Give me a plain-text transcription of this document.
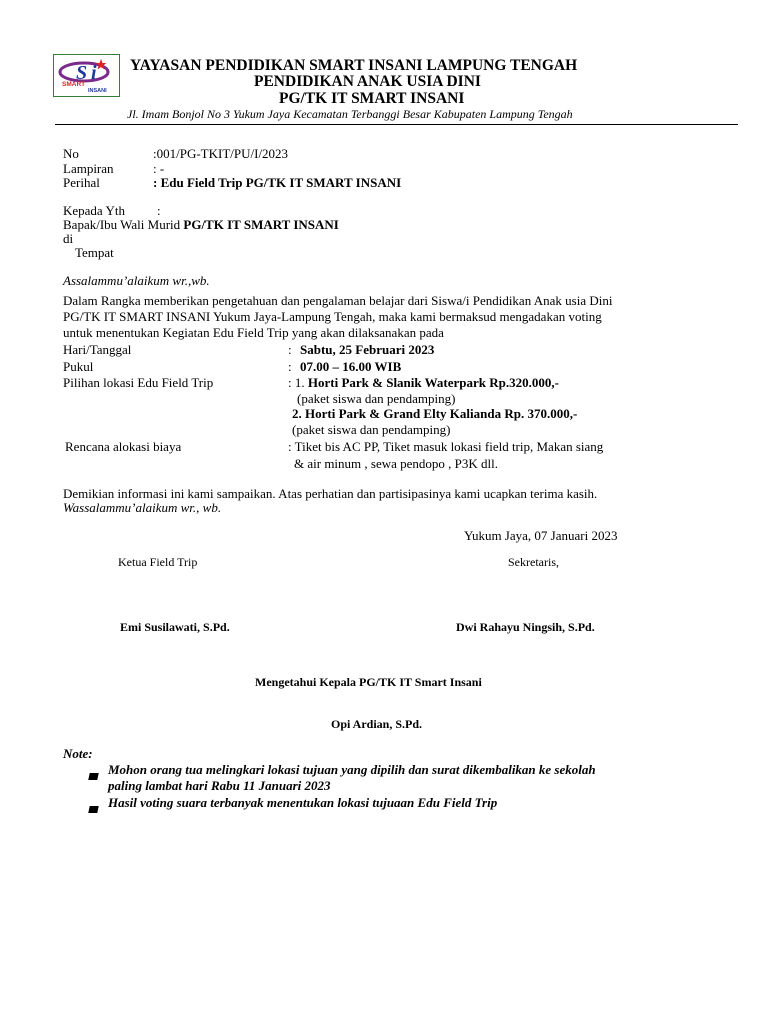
S i
SMART
INSANI
YAYASAN PENDIDIKAN SMART INSANI LAMPUNG TENGAH
PENDIDIKAN ANAK USIA DINI
PG/TK IT SMART INSANI
Jl. Imam Bonjol No 3 Yukum Jaya Kecamatan Terbanggi Besar Kabupaten Lampung Tengah
No	:001/PG-TKIT/PU/I/2023
Lampiran	: -
Perihal	: Edu Field Trip PG/TK IT SMART INSANI
Kepada Yth :
Bapak/Ibu Wali Murid PG/TK IT SMART INSANI
di
Tempat
Assalammu’alaikum wr.,wb.
Dalam Rangka memberikan pengetahuan dan pengalaman belajar dari Siswa/i Pendidikan Anak usia Dini
PG/TK IT SMART INSANI Yukum Jaya-Lampung Tengah, maka kami bermaksud mengadakan voting
untuk menentukan Kegiatan Edu Field Trip yang akan dilaksanakan pada
Hari/Tanggal	: Sabtu, 25 Februari 2023
Pukul	: 07.00 – 16.00 WIB
Pilihan lokasi Edu Field Trip	: 1. Horti Park & Slanik Waterpark Rp.320.000,-
(paket siswa dan pendamping)
2. Horti Park & Grand Elty Kalianda Rp. 370.000,-
(paket siswa dan pendamping)
Rencana alokasi biaya	: Tiket bis AC PP, Tiket masuk lokasi field trip, Makan siang
& air minum , sewa pendopo , P3K dll.
Demikian informasi ini kami sampaikan. Atas perhatian dan partisipasinya kami ucapkan terima kasih.
Wassalammu’alaikum wr., wb.
Yukum Jaya, 07 Januari 2023
Ketua Field Trip	Sekretaris,
Emi Susilawati, S.Pd.	Dwi Rahayu Ningsih, S.Pd.
Mengetahui Kepala PG/TK IT Smart Insani
Opi Ardian, S.Pd.
Note:
Mohon orang tua melingkari lokasi tujuan yang dipilih dan surat dikembalikan ke sekolah
paling lambat hari Rabu 11 Januari 2023
Hasil voting suara terbanyak menentukan lokasi tujuaan Edu Field Trip
